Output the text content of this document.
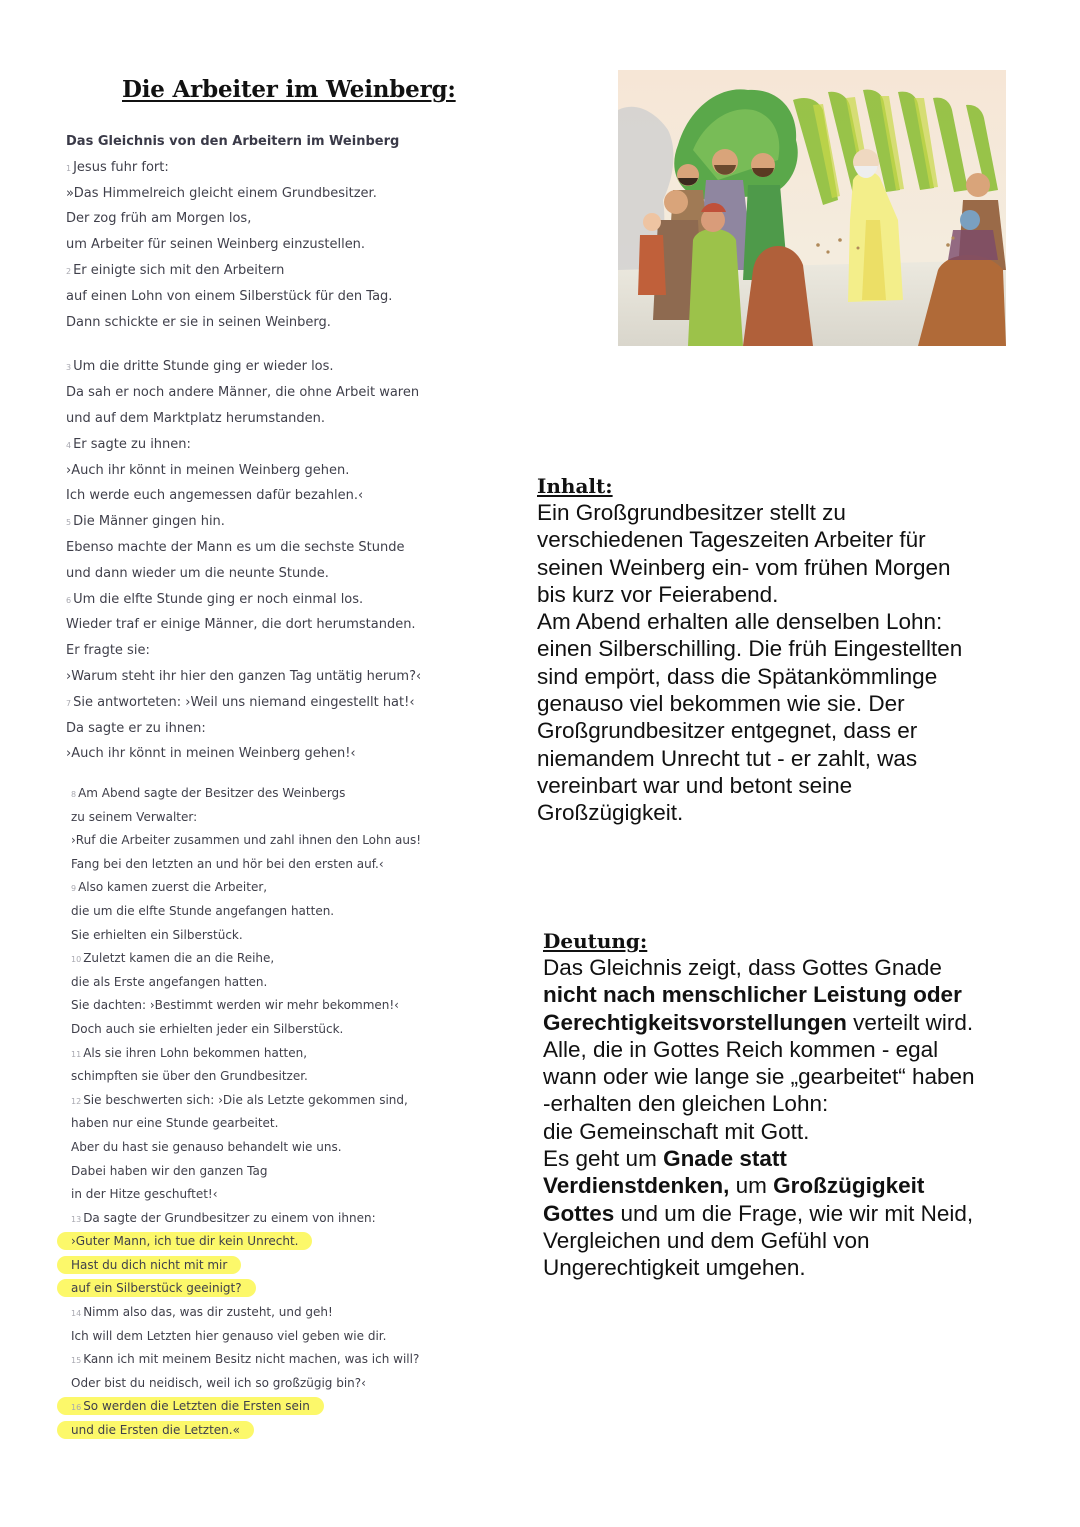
Die Arbeiter im Weinberg:
Das Gleichnis von den Arbeitern im Weinberg
1 Jesus fuhr fort:
»Das Himmelreich gleicht einem Grundbesitzer.
Der zog früh am Morgen los,
um Arbeiter für seinen Weinberg einzustellen.
2 Er einigte sich mit den Arbeitern
auf einen Lohn von einem Silberstück für den Tag.
Dann schickte er sie in seinen Weinberg.
3 Um die dritte Stunde ging er wieder los.
Da sah er noch andere Männer, die ohne Arbeit waren
und auf dem Marktplatz herumstanden.
4 Er sagte zu ihnen:
›Auch ihr könnt in meinen Weinberg gehen.
Ich werde euch angemessen dafür bezahlen.‹
5 Die Männer gingen hin.
Ebenso machte der Mann es um die sechste Stunde
und dann wieder um die neunte Stunde.
6 Um die elfte Stunde ging er noch einmal los.
Wieder traf er einige Männer, die dort herumstanden.
Er fragte sie:
›Warum steht ihr hier den ganzen Tag untätig herum?‹
7 Sie antworteten: ›Weil uns niemand eingestellt hat!‹
Da sagte er zu ihnen:
›Auch ihr könnt in meinen Weinberg gehen!‹
8 Am Abend sagte der Besitzer des Weinbergs
zu seinem Verwalter:
›Ruf die Arbeiter zusammen und zahl ihnen den Lohn aus!
Fang bei den letzten an und hör bei den ersten auf.‹
9 Also kamen zuerst die Arbeiter,
die um die elfte Stunde angefangen hatten.
Sie erhielten ein Silberstück.
10 Zuletzt kamen die an die Reihe,
die als Erste angefangen hatten.
Sie dachten: ›Bestimmt werden wir mehr bekommen!‹
Doch auch sie erhielten jeder ein Silberstück.
11 Als sie ihren Lohn bekommen hatten,
schimpften sie über den Grundbesitzer.
12 Sie beschwerten sich: ›Die als Letzte gekommen sind,
haben nur eine Stunde gearbeitet.
Aber du hast sie genauso behandelt wie uns.
Dabei haben wir den ganzen Tag
in der Hitze geschuftet!‹
13 Da sagte der Grundbesitzer zu einem von ihnen:
›Guter Mann, ich tue dir kein Unrecht.
Hast du dich nicht mit mir
auf ein Silberstück geeinigt?
14 Nimm also das, was dir zusteht, und geh!
Ich will dem Letzten hier genauso viel geben wie dir.
15 Kann ich mit meinem Besitz nicht machen, was ich will?
Oder bist du neidisch, weil ich so großzügig bin?‹
16 So werden die Letzten die Ersten sein
und die Ersten die Letzten.«
Inhalt:
Ein Großgrundbesitzer stellt zu
verschiedenen Tageszeiten Arbeiter für
seinen Weinberg ein- vom frühen Morgen
bis kurz vor Feierabend.
Am Abend erhalten alle denselben Lohn:
einen Silberschilling. Die früh Eingestellten
sind empört, dass die Spätankömmlinge
genauso viel bekommen wie sie. Der
Großgrundbesitzer entgegnet, dass er
niemandem Unrecht tut - er zahlt, was
vereinbart war und betont seine
Großzügigkeit.
Deutung:
Das Gleichnis zeigt, dass Gottes Gnade
nicht nach menschlicher Leistung oder
Gerechtigkeitsvorstellungen verteilt wird.
Alle, die in Gottes Reich kommen - egal
wann oder wie lange sie „gearbeitet“ haben
-erhalten den gleichen Lohn:
die Gemeinschaft mit Gott.
Es geht um Gnade statt
Verdienstdenken, um Großzügigkeit
Gottes und um die Frage, wie wir mit Neid,
Vergleichen und dem Gefühl von
Ungerechtigkeit umgehen.
